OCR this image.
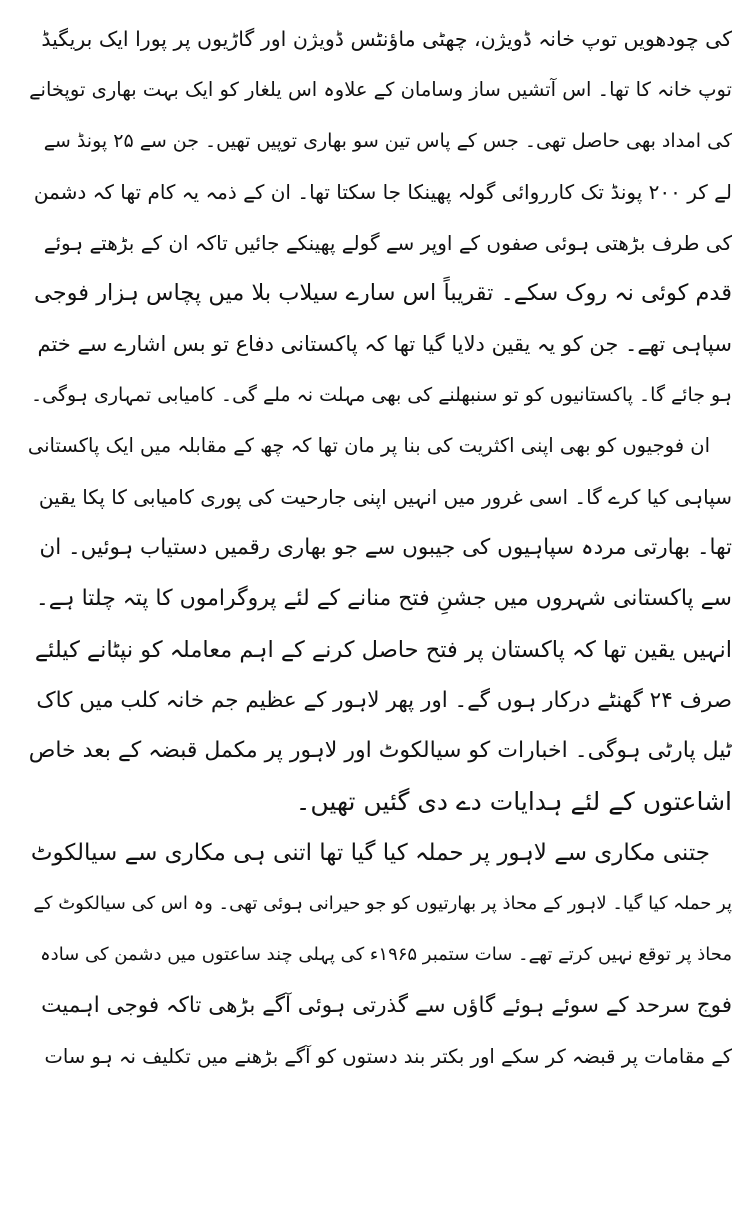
کی چودھویں توپ خانہ ڈویژن، چھٹی ماؤنٹس ڈویژن اور گاڑیوں پر پورا ایک بریگیڈ
توپ خانہ کا تھا۔ اس آتشیں ساز وسامان کے علاوہ اس یلغار کو ایک بہت بھاری توپخانے
کی امداد بھی حاصل تھی۔ جس کے پاس تین سو بھاری توپیں تھیں۔ جن سے ۲۵ پونڈ سے
لے کر ۲۰۰ پونڈ تک کارروائی گولہ پھینکا جا سکتا تھا۔ ان کے ذمہ یہ کام تھا کہ دشمن
کی طرف بڑھتی ہوئی صفوں کے اوپر سے گولے پھینکے جائیں تاکہ ان کے بڑھتے ہوئے
قدم کوئی نہ روک سکے۔ تقریباً اس سارے سیلاب بلا میں پچاس ہزار فوجی
سپاہی تھے۔ جن کو یہ یقین دلایا گیا تھا کہ پاکستانی دفاع تو بس اشارے سے ختم
ہو جائے گا۔ پاکستانیوں کو تو سنبھلنے کی بھی مہلت نہ ملے گی۔ کامیابی تمہاری ہوگی۔
ان فوجیوں کو بھی اپنی اکثریت کی بنا پر مان تھا کہ چھ کے مقابلہ میں ایک پاکستانی
سپاہی کیا کرے گا۔ اسی غرور میں انہیں اپنی جارحیت کی پوری کامیابی کا پکا یقین
تھا۔ بھارتی مردہ سپاہیوں کی جیبوں سے جو بھاری رقمیں دستیاب ہوئیں۔ ان
سے پاکستانی شہروں میں جشنِ فتح منانے کے لئے پروگراموں کا پتہ چلتا ہے۔
انہیں یقین تھا کہ پاکستان پر فتح حاصل کرنے کے اہم معاملہ کو نپٹانے کیلئے
صرف ۲۴ گھنٹے درکار ہوں گے۔ اور پھر لاہور کے عظیم جم خانہ کلب میں کاک
ٹیل پارٹی ہوگی۔ اخبارات کو سیالکوٹ اور لاہور پر مکمل قبضہ کے بعد خاص
اشاعتوں کے لئے ہدایات دے دی گئیں تھیں۔
جتنی مکاری سے لاہور پر حملہ کیا گیا تھا اتنی ہی مکاری سے سیالکوٹ
پر حملہ کیا گیا۔ لاہور کے محاذ پر بھارتیوں کو جو حیرانی ہوئی تھی۔ وہ اس کی سیالکوٹ کے
محاذ پر توقع نہیں کرتے تھے۔ سات ستمبر ۱۹۶۵ء کی پہلی چند ساعتوں میں دشمن کی سادہ
فوج سرحد کے سوئے ہوئے گاؤں سے گذرتی ہوئی آگے بڑھی تاکہ فوجی اہمیت
کے مقامات پر قبضہ کر سکے اور بکتر بند دستوں کو آگے بڑھنے میں تکلیف نہ ہو سات
